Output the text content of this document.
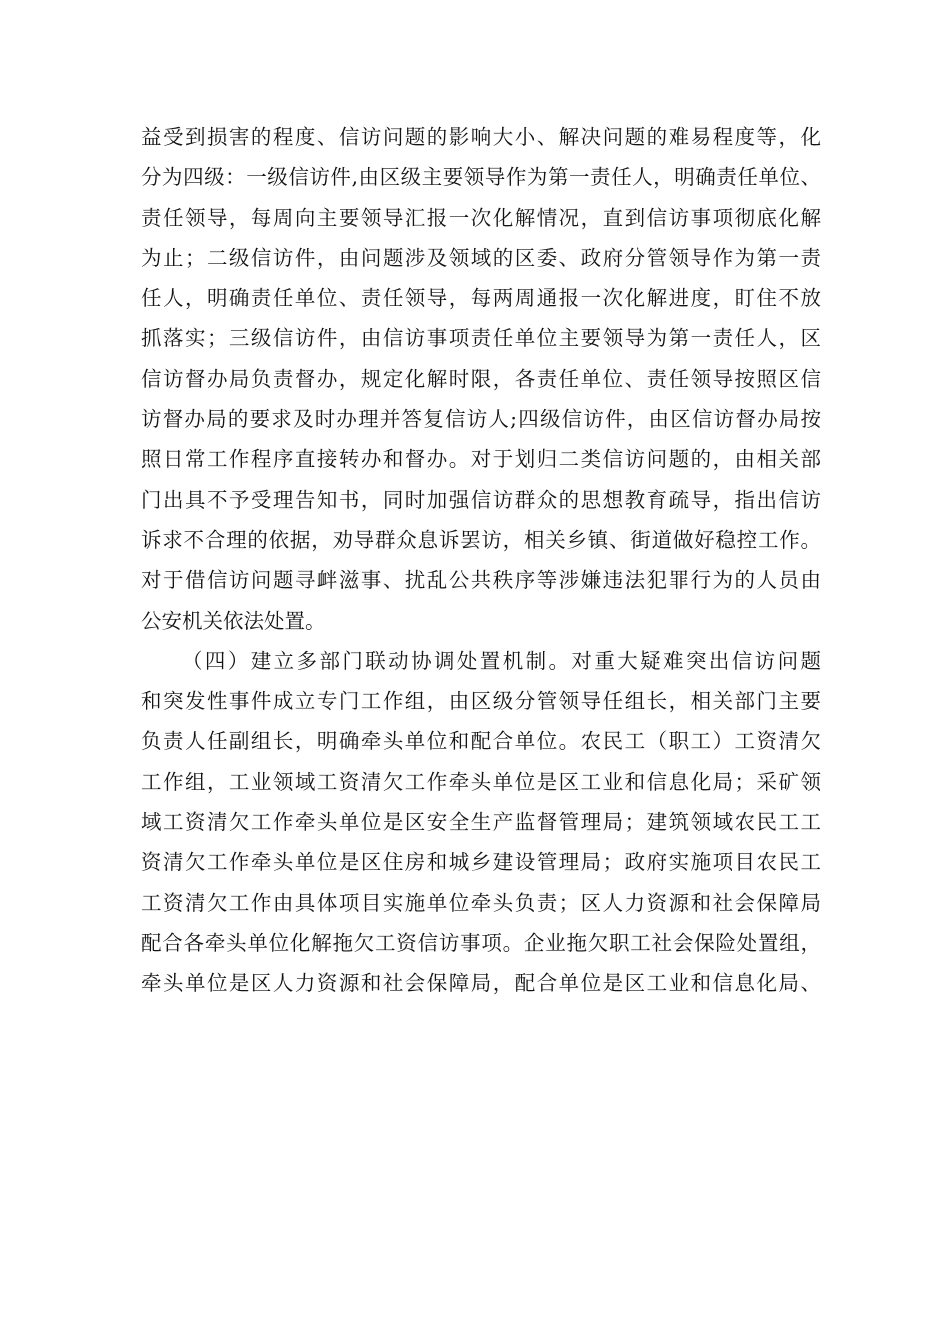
益受到损害的程度、信访问题的影响大小、解决问题的难易程度等，化
分为四级：一级信访件,由区级主要领导作为第一责任人，明确责任单位、
责任领导，每周向主要领导汇报一次化解情况，直到信访事项彻底化解
为止；二级信访件，由问题涉及领域的区委、政府分管领导作为第一责
任人，明确责任单位、责任领导，每两周通报一次化解进度，盯住不放
抓落实；三级信访件，由信访事项责任单位主要领导为第一责任人，区
信访督办局负责督办，规定化解时限，各责任单位、责任领导按照区信
访督办局的要求及时办理并答复信访人;四级信访件，由区信访督办局按
照日常工作程序直接转办和督办。对于划归二类信访问题的，由相关部
门出具不予受理告知书，同时加强信访群众的思想教育疏导，指出信访
诉求不合理的依据，劝导群众息诉罢访，相关乡镇、街道做好稳控工作。
对于借信访问题寻衅滋事、扰乱公共秩序等涉嫌违法犯罪行为的人员由
公安机关依法处置。
（四）建立多部门联动协调处置机制。对重大疑难突出信访问题
和突发性事件成立专门工作组，由区级分管领导任组长，相关部门主要
负责人任副组长，明确牵头单位和配合单位。农民工（职工）工资清欠
工作组，工业领域工资清欠工作牵头单位是区工业和信息化局；采矿领
域工资清欠工作牵头单位是区安全生产监督管理局；建筑领域农民工工
资清欠工作牵头单位是区住房和城乡建设管理局；政府实施项目农民工
工资清欠工作由具体项目实施单位牵头负责；区人力资源和社会保障局
配合各牵头单位化解拖欠工资信访事项。企业拖欠职工社会保险处置组，
牵头单位是区人力资源和社会保障局，配合单位是区工业和信息化局、
